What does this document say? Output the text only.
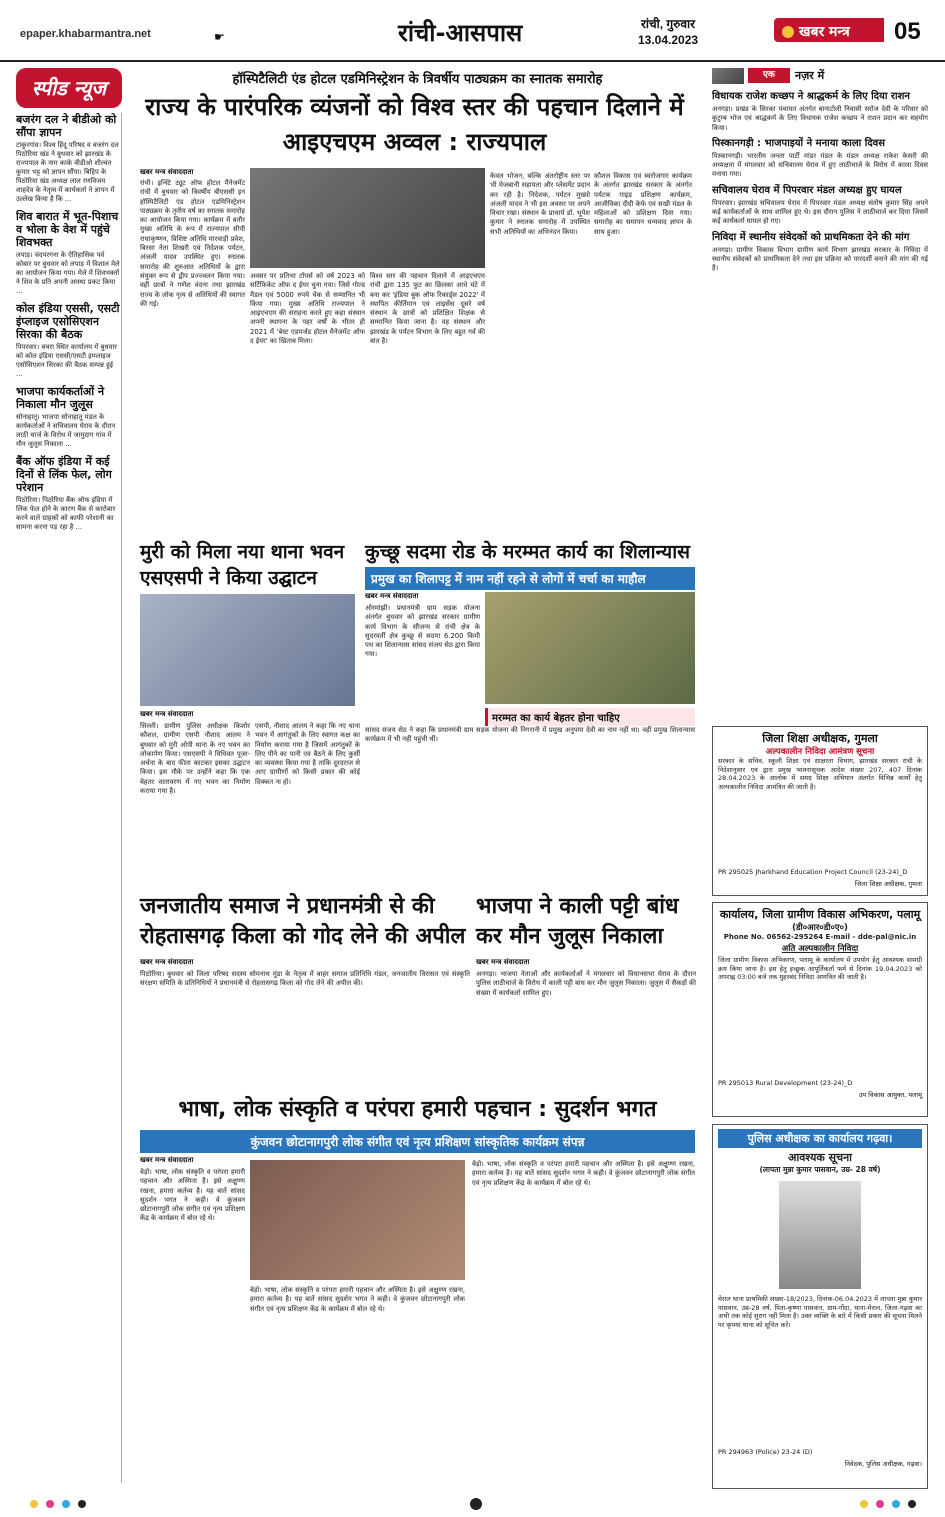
epaper.khabarmantra.net	☛	रांची-आसपास	रांची, गुरुवार
13.04.2023	खबर मन्त्र	05
स्पीड न्यूज
बजरंग दल ने बीडीओ को सौंपा ज्ञापन
टाकुरगांव। विश्व हिंदू परिषद व बजरंग दल पिठोरिया खंड ने बुधवार को झारखंड के राज्यपाल के नाम काके बीडीओ शील्वंत कुमार भट्ट को ज्ञापन सौंपा। बिहिप के पिठोरिया खंड अध्यक्ष लाल रणविजय शाहदेव के नेतृत्व में कार्यकर्ता ने ज्ञापन में उल्लेख किया है कि ...
शिव बारात में भूत-पिशाच व भोला के वेश में पहुंचे शिवभक्त
लपाड़। चंदपरगना के ऐतिहासिक पर्व कोबार पर बुधवार को लपाड़ में विशाल मेले का आयोजन किया गया। मेले में शिवभक्तों ने शिव के प्रति अपनी आस्था प्रकट किया ...
कोल इंडिया एससी, एसटी इंप्लाइज एसोसिएशन सिरका की बैठक
पिपरवार। बचरा स्थित कार्यालय में बुधवार को कोल इंडिया एससी/एसटी इम्प्लाइज एसोसिएशन सिरका की बैठक सम्पन्न हुई ...
भाजपा कार्यकर्ताओं ने निकाला मौन जुलूस
सोनाहातू। भाजपा सोनाहातू मंडल के कार्यकर्ताओं ने सचिवालय घेराव के दौरान लाठी चार्ज के विरोध में जामुदाग गांव में मौन जुलूस निकाला ...
बैंक ऑफ इंडिया में कई दिनों से लिंक फेल, लोग परेशान
पिठोरिया। पिठोरिया बैंक ऑफ इंडिया में लिंक फेल होने के कारण बैंक से कारोबार करने वाले ग्राहकों को काफी परेशानी का सामना करना पड़ रहा है ...
हॉस्पिटैलिटी एंड होटल एडमिनिस्ट्रेशन के त्रिवर्षीय पाठ्यक्रम का स्नातक समारोह
राज्य के पारंपरिक व्यंजनों को विश्व स्तर की पहचान दिलाने में आइएचएम अव्वल : राज्यपाल
खबर मन्त्र संवाददाता
रांची। इन्स्टि ट्यूट ऑफ होटल मैनेजमेंट रांची में बुधवार को त्रिवर्षीय बीएससी इन हॉस्पिटैलिटी एंड होटल एडमिनिस्ट्रेशन पाठ्यक्रम के तृतीय वर्ष का स्नातक समारोह का आयोजन किया गया। कार्यक्रम में बतौर मुख्य अतिथि के रूप में राज्यपाल सीपी राधाकृष्णन, विशिष्ट अतिथि मारवाड़ी प्रवेश, बिरसा नेता शिखरी एवं निदेशक पर्यटन, अंजली यादव उपस्थित हुए। स्नातक समारोह की शुरुआत अतिथियों के द्वारा संयुक्त रूप से द्वीप प्रज्ज्वलन किया गया। वहीं छात्रों ने गणेश वंदना तथा झारखंड राज्य के लोक नृत्य से अतिथियों की स्वागत की गई।
अवसर पर प्रतिभा टॉपर्स को वर्ष 2023 को सर्टिफिकेट ऑफ द ईयर चुना गया। जिसे गोल्ड मैडल एवं 5000 रुपये चेक से सम्मानित भी किया गया। मुख्य अतिथि राज्यपाल ने आइएचएम की सराहना करते हुए कहा संस्थान अपनी स्थापना के पहर वर्षों के भीतर ही 2021 में 'बेस्ट एडमर्जड होटल मैनेजमेंट ऑफ द ईयर' का खिताब मिला।
विश्व स्तर की पहचान दिलाने में आइएचएम रांची द्वारा 135 फुट का छिलका आधे घंटे में बना कर 'इंडिया बुक ऑफ रिकार्ड्स 2022' में स्थापित कीर्तिमान एवं लाइसेंस दूसरे वर्ष संस्थान के छात्रों को प्रशिक्षित शिक्षक से सम्मानित किया जाना है। वह संस्थान और झारखंड के पर्यटन विभाग के लिए बहुत गर्व की बात है।
केवल भोजन, बल्कि अंतर्राष्ट्रीय स्तर पर भी मेजबानी सहायता और प्लेसमेंट प्रदान कर रही है। निदेशक, पर्यटन मुख्यो अंजली यादव ने भी इस अवसर पर अपने विचार रखा। संस्थान के प्राचार्य डॉ. भूपेश कुमार ने स्नातक समारोह में उपस्थित सभी अतिथियों का अभिनंदन किया।
कौशल विकास एवं स्वरोजगार कार्यक्रम के अंतर्गत झारखंड सरकार के अंतर्गत पर्यटक गाइड प्रशिक्षण कार्यक्रम, आजीविका दीदी केफे एवं सखी मंडल के महिलाओं को प्रशिक्षण दिया गया। समारोह का समापन धन्यवाद ज्ञापन के साथ हुआ।
मुरी को मिला नया थाना भवन
एसएसपी ने किया उद्घाटन
खबर मन्त्र संवाददाता
सिल्ली। ग्रामीण पुलिस अधीक्षक किशोर कौशल, ग्रामीण एसपी नौशाद आलम ने बुधवार को मुरी ओपी थाना के नए भवन का लोकार्पण किया। एसएसपी ने विधिवत पूजा-अर्चना के बाद फीता काटकर इसका उद्घाटन किया। इस मौके पर उन्होंने कहा कि एक बेहतर वातावरण में नए भवन का निर्माण कराया गया है।
एसपी, नौशाद आलम ने कहा कि नए थाना भवन में आगंतुकों के लिए स्वागत कक्ष का निर्माण कराया गया है जिसमें आगंतुकों के लिए पीने का पानी एवं बैठने के लिए कुर्सी का व्यवस्था किया गया है ताकि दूरदराज से आए ग्रामीणों को किसी प्रकार की कोई दिक्कत ना हो।
कुच्छू सदमा रोड के मरम्मत कार्य का शिलान्यास
प्रमुख का शिलापट्ट में नाम नहीं रहने से लोगों में चर्चा का माहौल
खबर मन्त्र संवाददाता
ओरमांझी। प्रधानमंत्री ग्राम सड़क योजना अंतर्गत बुधवार को झारखंड सरकार ग्रामीण कार्य विभाग के सौजन्य से रांची क्षेत्र के सुदरवर्ती क्षेत्र कुच्छू से सदमा 6.200 किमी पथ का शिलान्यास सांसद संजय सेठ द्वारा किया गया।
मरम्मत का कार्य बेहतर होना चाहिए
सांसद संजय सेठ ने कहा कि प्रधानमंत्री ग्राम सड़क योजना की निगरानी में प्रमुख अनुपमा देवी का नाम नहीं था। वहीं प्रमुख शिलान्यास कार्यक्रम में भी नहीं पहुंची थीं।
जनजातीय समाज ने प्रधानमंत्री से की रोहतासगढ़ किला को गोद लेने की अपील
खबर मन्त्र संवाददाता
पिठोरिया। बुधवार को जिला परिषद सदस्य सोमनाथ मुंडा के नेतृत्व में बाहर समाज प्रतिनिधि मंडल, जनजातीय विरासत एवं संस्कृति संरक्षण समिति के प्रतिनिधियों ने प्रधानमंत्री से रोहतासगढ़ किला को गोद लेने की अपील की।
भाजपा ने काली पट्टी बांध कर मौन जुलूस निकाला
खबर मन्त्र संवाददाता
अनगड़ा। भाजपा नेताओं और कार्यकर्ताओं ने मंगलवार को विधानसभा घेराव के दौरान पुलिस लाठीचार्ज के विरोध में काली पट्टी बांध कर मौन जुलूस निकाला। जुलूस में सैकड़ों की संख्या में कार्यकर्ता शामिल हुए।
भाषा, लोक संस्कृति व परंपरा हमारी पहचान : सुदर्शन भगत
कुंजवन छोटानागपुरी लोक संगीत एवं नृत्य प्रशिक्षण सांस्कृतिक कार्यक्रम संपन्न
खबर मन्त्र संवाददाता
बेड़ो। भाषा, लोक संस्कृति व परंपरा हमारी पहचान और अस्मिता है। इसे अक्षुण्ण रखना, हमारा कर्तव्य है। यह बातें सांसद सुदर्शन भगत ने कही। वे कुंजवन छोटानागपुरी लोक संगीत एवं नृत्य प्रशिक्षण केंद्र के कार्यक्रम में बोल रहे थे।
बेड़ो। भाषा, लोक संस्कृति व परंपरा हमारी पहचान और अस्मिता है। इसे अक्षुण्ण रखना, हमारा कर्तव्य है। यह बातें सांसद सुदर्शन भगत ने कही। वे कुंजवन छोटानागपुरी लोक संगीत एवं नृत्य प्रशिक्षण केंद्र के कार्यक्रम में बोल रहे थे।
बेड़ो। भाषा, लोक संस्कृति व परंपरा हमारी पहचान और अस्मिता है। इसे अक्षुण्ण रखना, हमारा कर्तव्य है। यह बातें सांसद सुदर्शन भगत ने कही। वे कुंजवन छोटानागपुरी लोक संगीत एवं नृत्य प्रशिक्षण केंद्र के कार्यक्रम में बोल रहे थे।
एक	नज़र में
विधायक राजेश कच्छप ने श्राद्धकर्म के लिए दिया राशन
अनगड़ा। प्रखंड के सिरका पंचायत अंतर्गत बानाटोली निवासी सरोज देवी के परिवार को कुटुम्ब भोज एवं श्राद्धकर्म के लिए विधायक राजेश कच्छप ने राशन प्रदान कर सहयोग किया।
पिस्कानगड़ी : भाजपाइयों ने मनाया काला दिवस
पिस्कानगड़ी। भारतीय जनता पार्टी मांडर मंडल के मंडल अध्यक्ष राकेश केसरी की अध्यक्षता में मंगलवार को सचिवालय घेराव में हुए लाठीचार्ज के विरोध में काला दिवस मनाया गया।
सचिवालय घेराव में पिपरवार मंडल अध्यक्ष हुए घायल
पिपरवार। झारखंड सचिवालय घेराव में पिपरवार मंडल अध्यक्ष संतोष कुमार सिंह अपने कई कार्यकर्ताओं के साथ शामिल हुए थे। इस दौरान पुलिस ने लाठीचार्ज कर दिया जिसमें कई कार्यकर्ता घायल हो गए।
निविदा में स्थानीय संवेदकों को प्राथमिकता देने की मांग
अनगड़ा। ग्रामीण विकास विभाग ग्रामीण कार्य विभाग झारखंड सरकार के निविदा में स्थानीय संवेदकों को प्राथमिकता देने तथा इस प्रक्रिया को पारदर्शी बनाने की मांग की गई है।
जिला शिक्षा अधीक्षक, गुमला
अल्पकालीन निविदा आमंत्रण सूचना
सरकार के सचिव, स्कूली शिक्षा एवं साक्षरता विभाग, झारखंड सरकार रांची के निदेशानुसार एवं द्वारा प्रमुख भावनासूचक आदेश संख्या 207, 407 दिनांक 28.04.2023 के आलोक में समग्र शिक्षा अभियान अंतर्गत विभिन्न कार्यों हेतु अल्पकालीन निविदा आमंत्रित की जाती है।
PR 295025 Jharkhand Education Project Council (23-24)_D
जिला शिक्षा अधीक्षक, गुमला
कार्यालय, जिला ग्रामीण विकास अभिकरण, पलामू
(डी०आर०डी०ए०)
Phone No. 06562-295264 E-mail - dde-pal@nic.in
अति अल्पकालीन निविदा
जिला ग्रामीण विकास अभिकरण, पलामू के कार्यालय में उपयोग हेतु आवश्यक सामग्री क्रय किया जाना है। इस हेतु इच्छुक आपूर्तिकर्ता फर्म से दिनांक 19.04.2023 को अपराह्न 03:00 बजे तक मुहरबंद निविदा आमंत्रित की जाती है।
PR 295013 Rural Development (23-24)_D
उप विकास आयुक्त, पलामू
पुलिस अधीक्षक का कार्यालय गढ़वा।
आवश्यक सूचना
(लापता मुन्ना कुमार पासवान, उम्र- 28 वर्ष)
मेराल थाना प्राथमिकी संख्या-18/2023, दिनांक-06.04.2023 में लापता मुन्ना कुमार पासवान, उम्र-28 वर्ष, पिता-कृष्णा पासवान, ग्राम-गोंदा, थाना-मेराल, जिला-गढ़वा का अभी तक कोई सुराग नहीं मिला है। उक्त व्यक्ति के बारे में किसी प्रकार की सूचना मिलने पर कृपया थाना को सूचित करें।
PR 294963 (Police) 23-24 (D)
निवेदक, पुलिस अधीक्षक, गढ़वा।
